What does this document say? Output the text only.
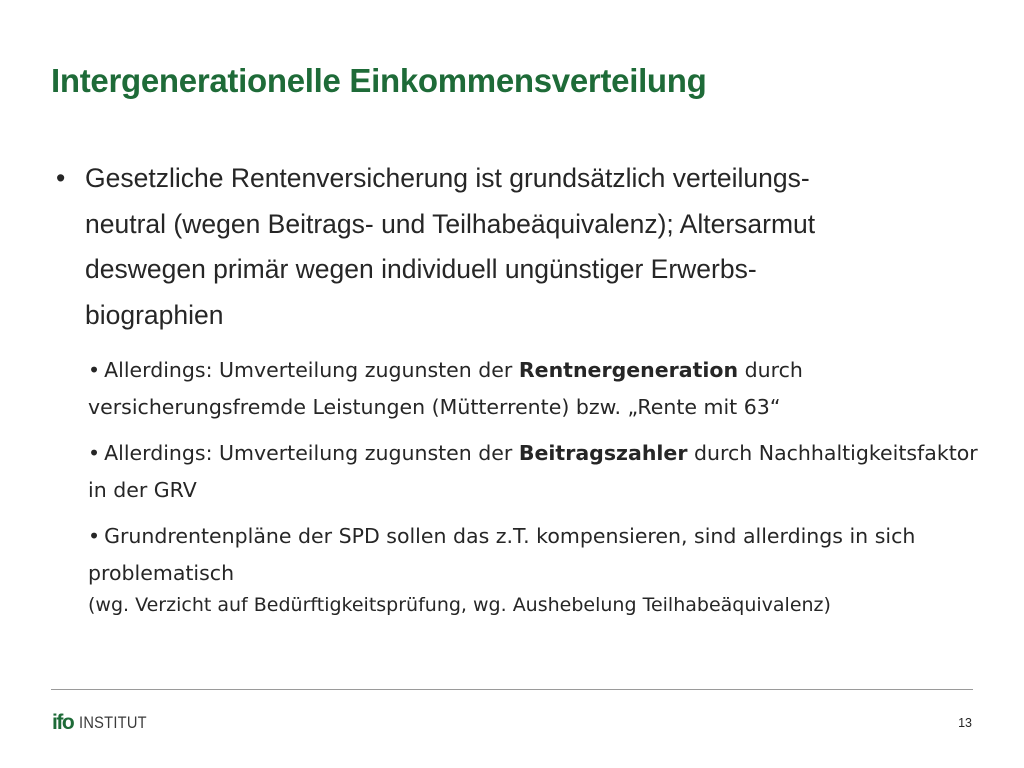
Intergenerationelle Einkommensverteilung
• Gesetzliche Rentenversicherung ist grundsätzlich verteilungs-
neutral (wegen Beitrags- und Teilhabeäquivalenz); Altersarmut
deswegen primär wegen individuell ungünstiger Erwerbs-
biographien
• Allerdings: Umverteilung zugunsten der Rentnergeneration durch versicherungsfremde Leistungen (Mütterrente) bzw. „Rente mit 63“
• Allerdings: Umverteilung zugunsten der Beitragszahler durch Nachhaltigkeitsfaktor in der GRV
• Grundrentenpläne der SPD sollen das z.T. kompensieren, sind allerdings in sich problematisch
(wg. Verzicht auf Bedürftigkeitsprüfung, wg. Aushebelung Teilhabeäquivalenz)
ifo INSTITUT	13
